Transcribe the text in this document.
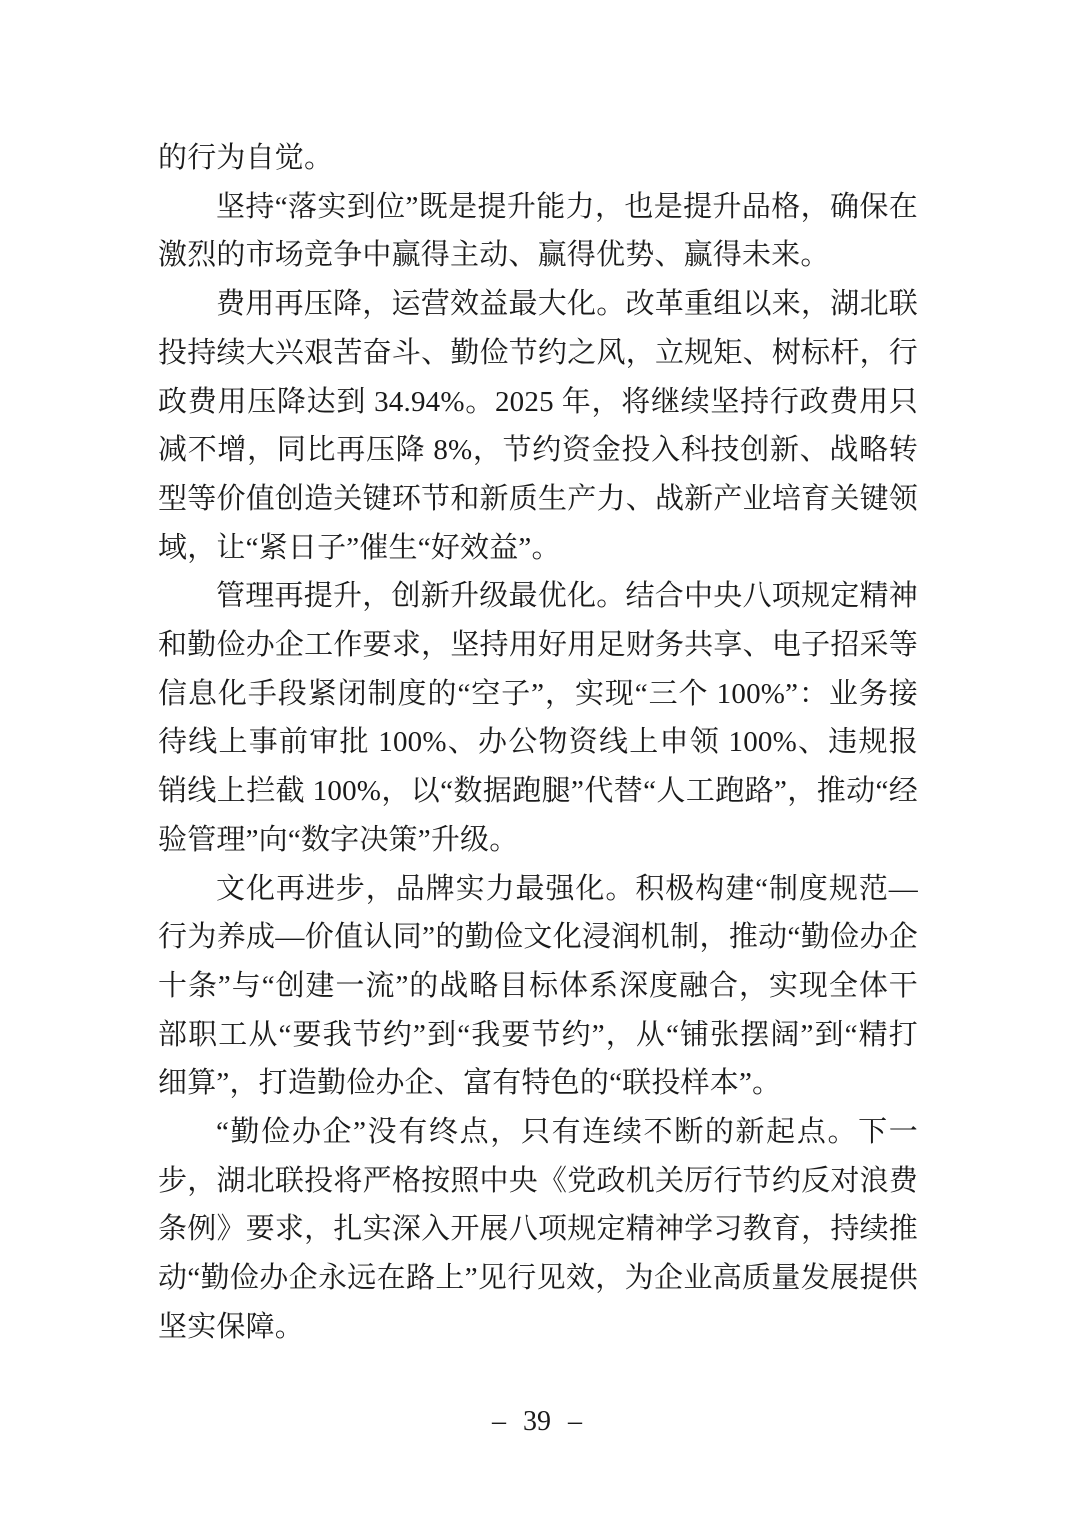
的行为自觉。

坚持“落实到位”既是提升能力，也是提升品格，确保在激烈的市场竞争中赢得主动、赢得优势、赢得未来。

费用再压降，运营效益最大化。改革重组以来，湖北联投持续大兴艰苦奋斗、勤俭节约之风，立规矩、树标杆，行政费用压降达到 34.94%。2025 年，将继续坚持行政费用只减不增，同比再压降 8%，节约资金投入科技创新、战略转型等价值创造关键环节和新质生产力、战新产业培育关键领域，让“紧日子”催生“好效益”。

管理再提升，创新升级最优化。结合中央八项规定精神和勤俭办企工作要求，坚持用好用足财务共享、电子招采等信息化手段紧闭制度的“空子”，实现“三个 100%”：业务接待线上事前审批 100%、办公物资线上申领 100%、违规报销线上拦截 100%，以“数据跑腿”代替“人工跑路”，推动“经验管理”向“数字决策”升级。

文化再进步，品牌实力最强化。积极构建“制度规范—行为养成—价值认同”的勤俭文化浸润机制，推动“勤俭办企十条”与“创建一流”的战略目标体系深度融合，实现全体干部职工从“要我节约”到“我要节约”，从“铺张摆阔”到“精打细算”，打造勤俭办企、富有特色的“联投样本”。

“勤俭办企”没有终点，只有连续不断的新起点。下一步，湖北联投将严格按照中央《党政机关厉行节约反对浪费条例》要求，扎实深入开展八项规定精神学习教育，持续推动“勤俭办企永远在路上”见行见效，为企业高质量发展提供坚实保障。

– 39 –
